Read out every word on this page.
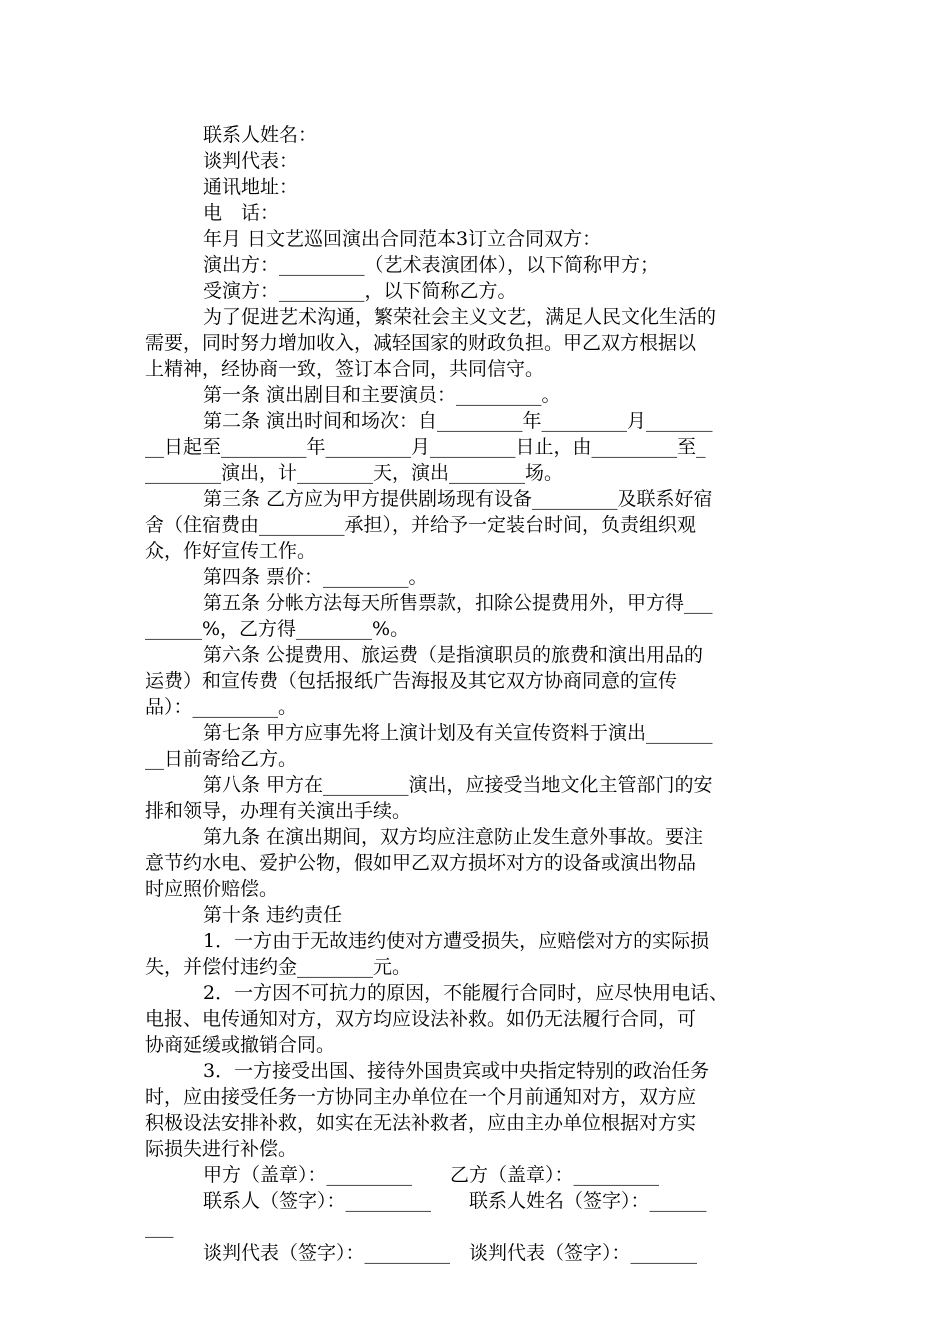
联系人姓名：
谈判代表：
通讯地址：
电　话：
年月 日文艺巡回演出合同范本3订立合同双方：
演出方：_________（艺术表演团体），以下简称甲方；
受演方：_________，以下简称乙方。
为了促进艺术沟通，繁荣社会主义文艺，满足人民文化生活的
需要，同时努力增加收入，减轻国家的财政负担。甲乙双方根据以
上精神，经协商一致，签订本合同，共同信守。
第一条 演出剧目和主要演员：_________。
第二条 演出时间和场次：自_________年_________月_______
__日起至_________年_________月_________日止，由_________至_
________演出，计________天，演出________场。
第三条 乙方应为甲方提供剧场现有设备_________及联系好宿
舍（住宿费由_________承担），并给予一定装台时间，负责组织观
众，作好宣传工作。
第四条 票价：_________。
第五条 分帐方法每天所售票款，扣除公提费用外，甲方得___
______%，乙方得________%。
第六条 公提费用、旅运费（是指演职员的旅费和演出用品的
运费）和宣传费（包括报纸广告海报及其它双方协商同意的宣传
品）：_________。
第七条 甲方应事先将上演计划及有关宣传资料于演出_______
__日前寄给乙方。
第八条 甲方在_________演出，应接受当地文化主管部门的安
排和领导，办理有关演出手续。
第九条 在演出期间，双方均应注意防止发生意外事故。要注
意节约水电、爱护公物，假如甲乙双方损坏对方的设备或演出物品
时应照价赔偿。
第十条 违约责任
1．一方由于无故违约使对方遭受损失，应赔偿对方的实际损
失，并偿付违约金________元。
2．一方因不可抗力的原因，不能履行合同时，应尽快用电话、
电报、电传通知对方，双方均应设法补救。如仍无法履行合同，可
协商延缓或撤销合同。
3．一方接受出国、接待外国贵宾或中央指定特别的政治任务
时，应由接受任务一方协同主办单位在一个月前通知对方，双方应
积极设法安排补救，如实在无法补救者，应由主办单位根据对方实
际损失进行补偿。
甲方（盖章）：_________　　乙方（盖章）：_________
联系人（签字）：_________　　联系人姓名（签字）：______
___
谈判代表（签字）：_________　谈判代表（签字）：_______
